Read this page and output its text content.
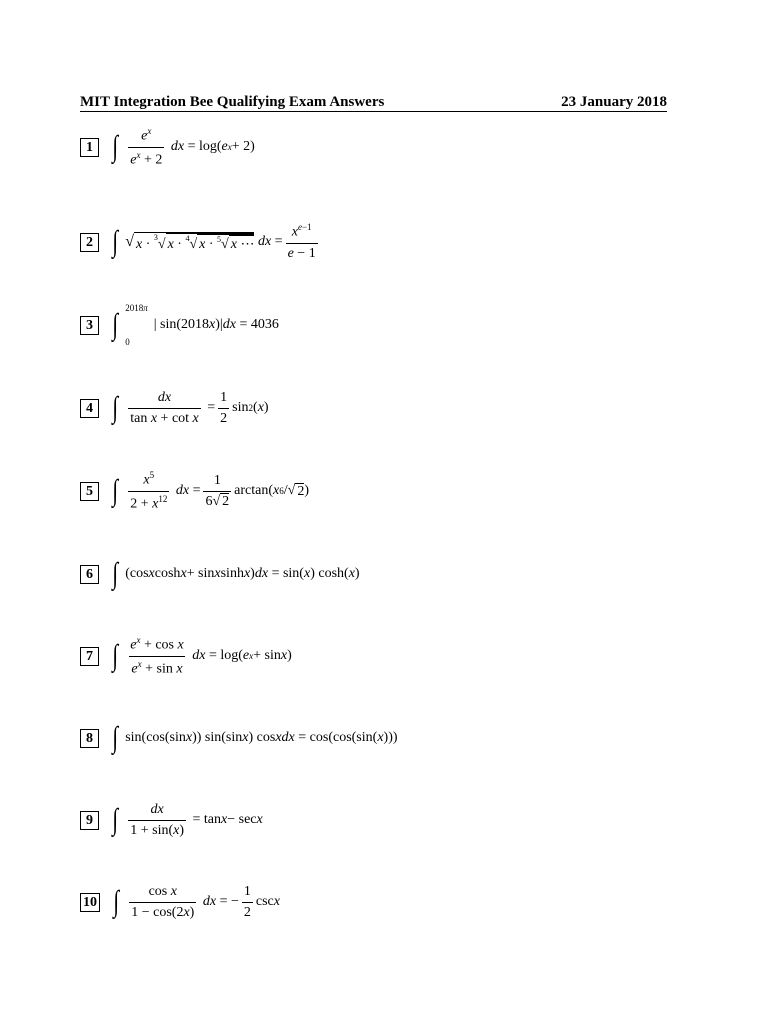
MIT Integration Bee Qualifying Exam Answers	23 January 2018
1 ∫ $\frac{e^x}{e^x + 2}$
dx = log( e x + 2)
2 ∫ √ x · $^3$√ x · $^4$√ x · $^5$√ x ⋯
dx = $\frac{x^{e-1}}{e - 1}$
3 ∫ 2018π
0
| sin(2018 x )| dx = 4036
4 ∫ $\frac{dx}{\text{tan x + cot x}} = \frac{1}{2}$ sin 2 ( x )
5 ∫ $\frac{x^5}{2 + x^{12}}$
dx = $\frac{1}{6√ 2} \arctan$( x 6 /√ 2 )
6 ∫ (cos x cosh x + sin x sinh x ) dx = sin( x ) cosh( x )
7 ∫ $\frac{e^x + \cos x}{e^x + \sin x}$
dx = log( e x + sin x )
8 ∫ sin(cos(sin x )) sin(sin x ) cos x dx = cos(cos(sin( x )))
9 ∫ $\frac{dx}{1 + \sin(x)} = \tan x - \sec x$
10 ∫ $\frac{\text{cos x}}{1 - \cos(2x)}$
dx = − $\frac{1}{2}$ csc x
